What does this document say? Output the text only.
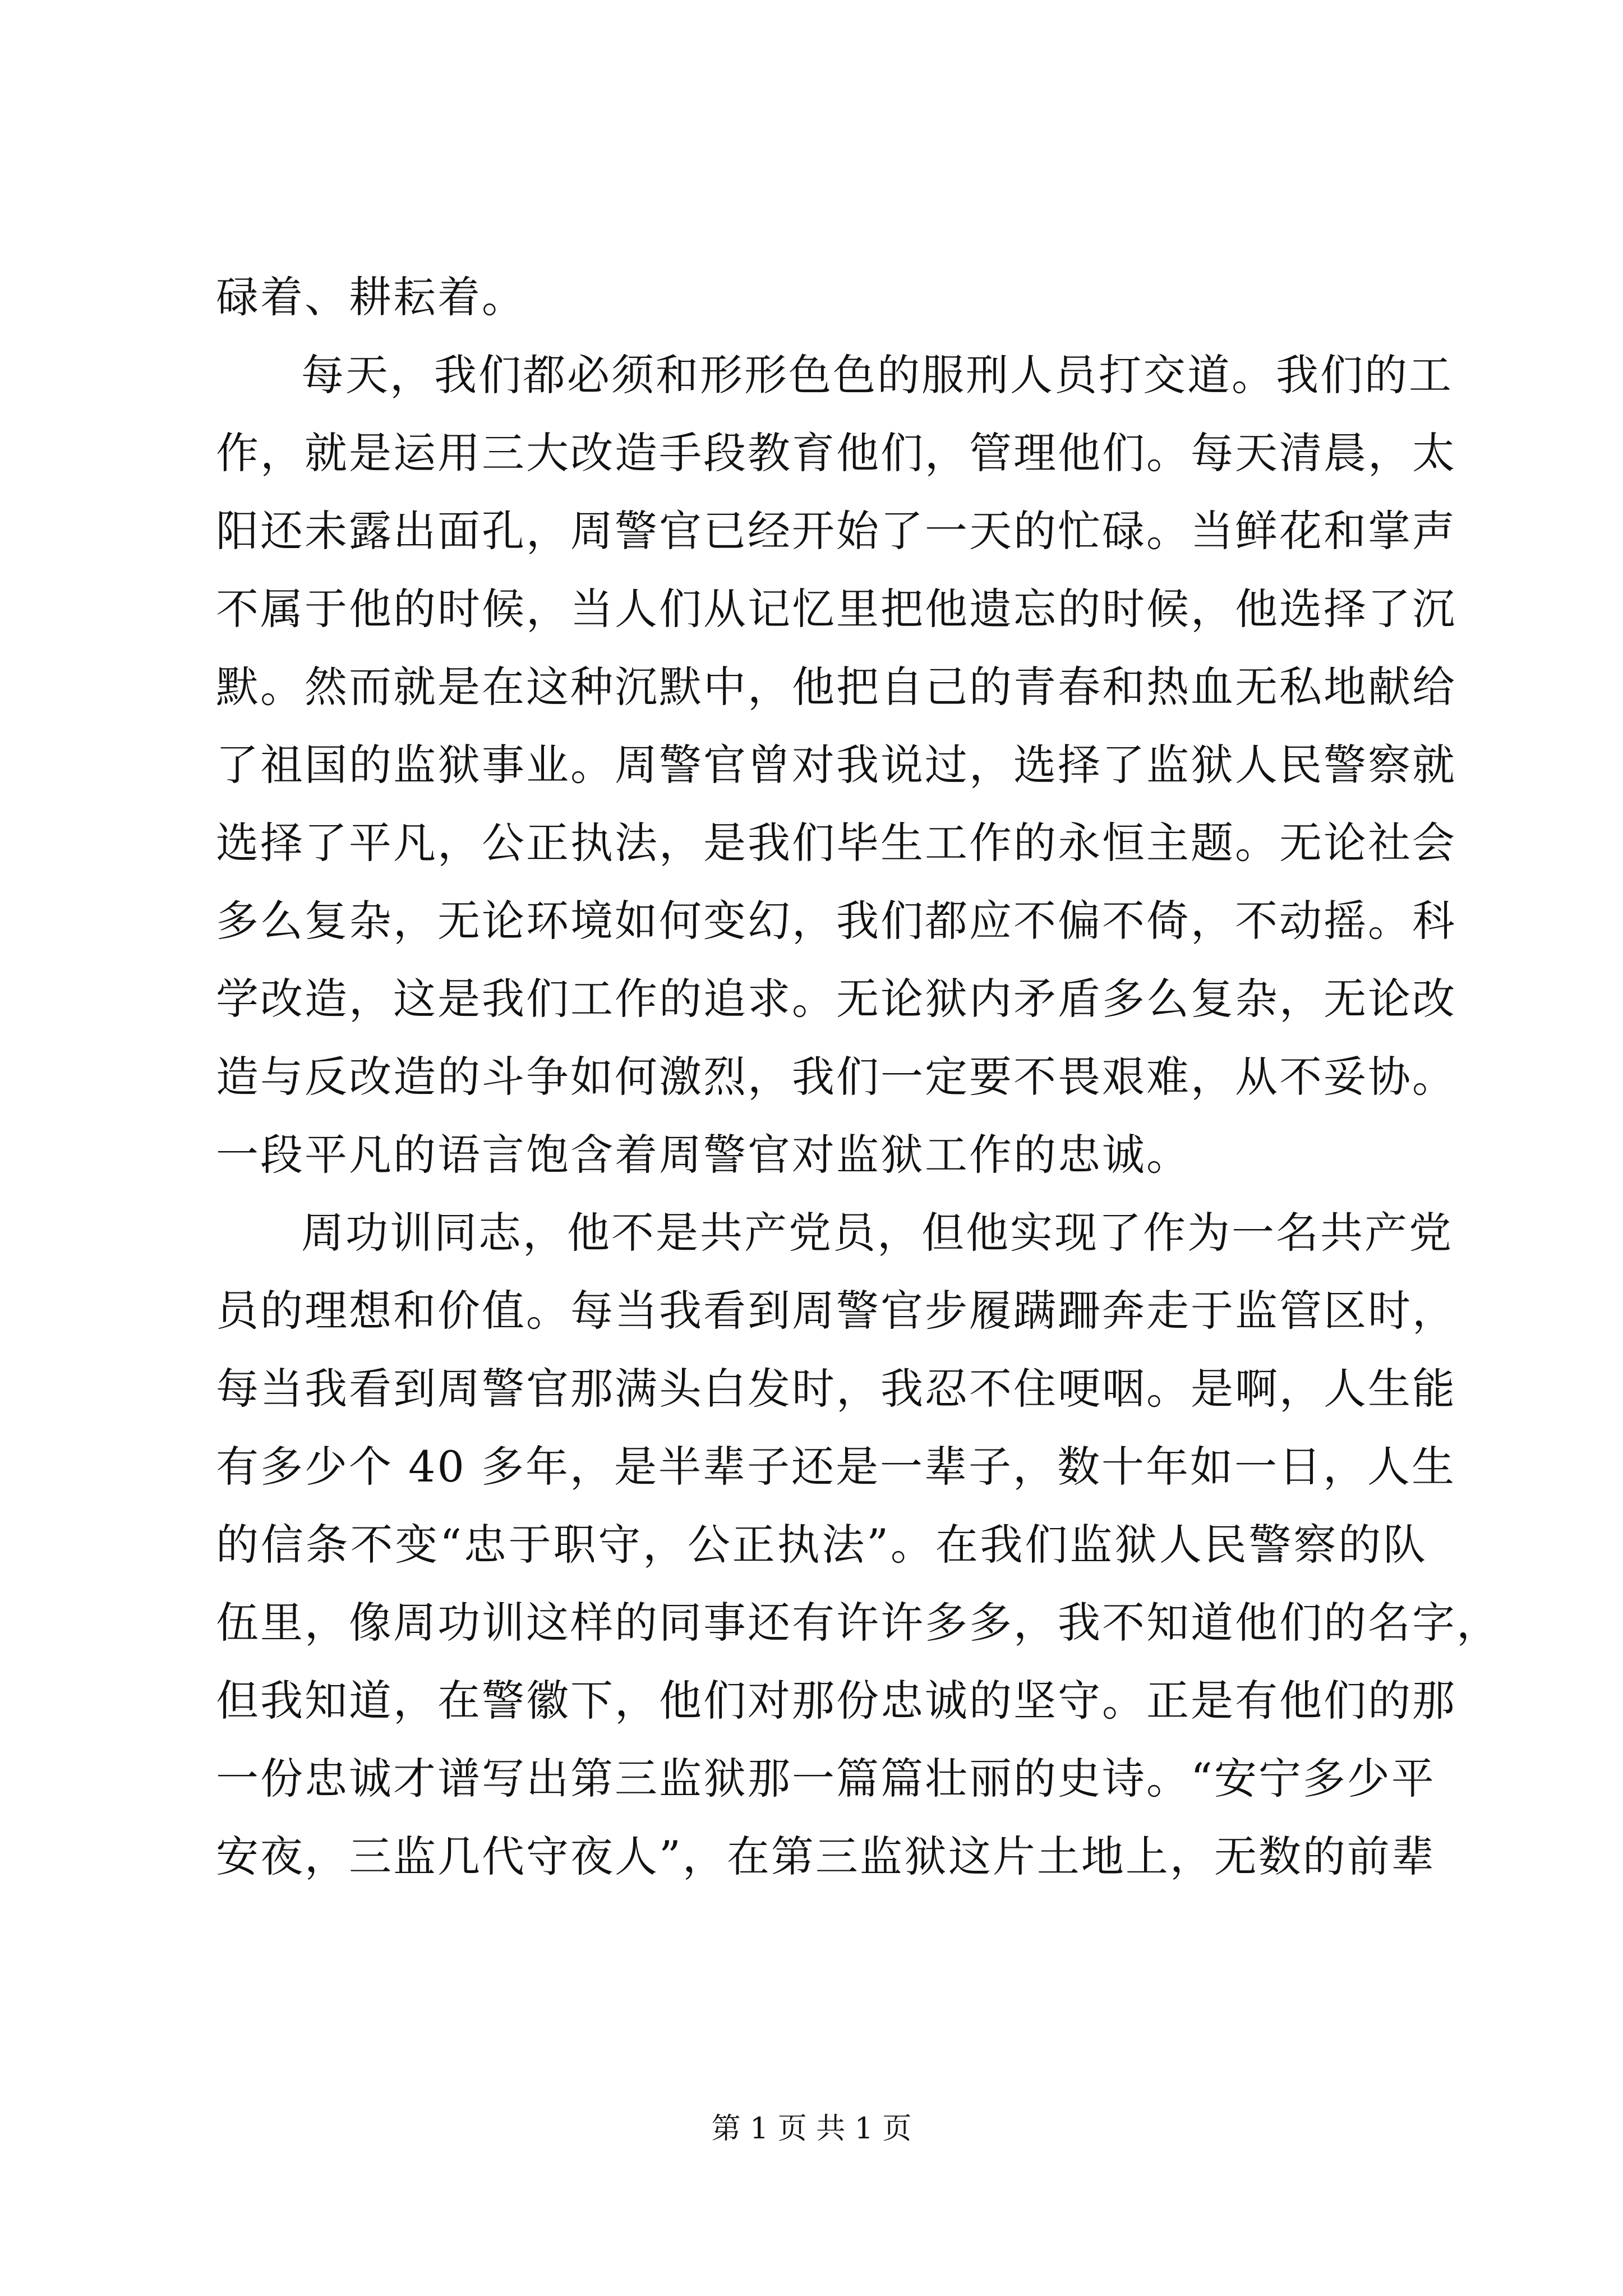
碌着、耕耘着。
每天，我们都必须和形形色色的服刑人员打交道。我们的工
作，就是运用三大改造手段教育他们，管理他们。每天清晨，太
阳还未露出面孔，周警官已经开始了一天的忙碌。当鲜花和掌声
不属于他的时候，当人们从记忆里把他遗忘的时候，他选择了沉
默。然而就是在这种沉默中，他把自己的青春和热血无私地献给
了祖国的监狱事业。周警官曾对我说过，选择了监狱人民警察就
选择了平凡，公正执法，是我们毕生工作的永恒主题。无论社会
多么复杂，无论环境如何变幻，我们都应不偏不倚，不动摇。科
学改造，这是我们工作的追求。无论狱内矛盾多么复杂，无论改
造与反改造的斗争如何激烈，我们一定要不畏艰难，从不妥协。
一段平凡的语言饱含着周警官对监狱工作的忠诚。
周功训同志，他不是共产党员，但他实现了作为一名共产党
员的理想和价值。每当我看到周警官步履蹒跚奔走于监管区时，
每当我看到周警官那满头白发时，我忍不住哽咽。是啊，人生能
有多少个 40 多年，是半辈子还是一辈子，数十年如一日，人生
的信条不变“忠于职守，公正执法”。在我们监狱人民警察的队
伍里，像周功训这样的同事还有许许多多，我不知道他们的名字，
但我知道，在警徽下，他们对那份忠诚的坚守。正是有他们的那
一份忠诚才谱写出第三监狱那一篇篇壮丽的史诗。“安宁多少平
安夜，三监几代守夜人”，在第三监狱这片土地上，无数的前辈
第 1 页 共 1 页
